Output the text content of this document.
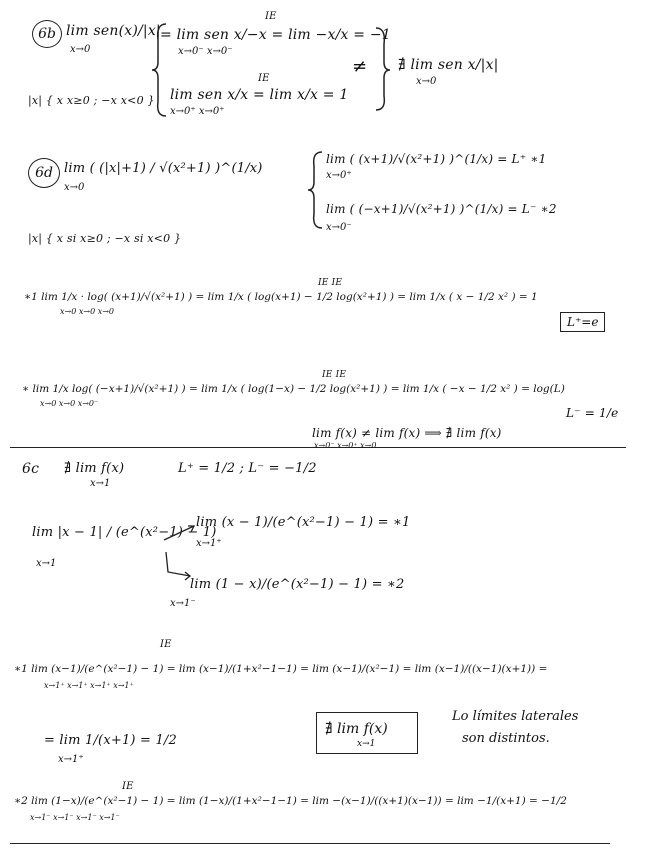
6b lim sen(x)/|x|
x→0
IE
= lim sen x/−x = lim −x/x = −1
x→0⁻ x→0⁻
≠
IE
lim sen x/x = lim x/x = 1
x→0⁺ x→0⁺
∄ lim sen x/|x|
x→0
|x| { x x≥0 ; −x x<0 }
6d lim ( (|x|+1) / √(x²+1) )^(1/x)
x→0
lim ( (x+1)/√(x²+1) )^(1/x) = L⁺ ∗1
x→0⁺
lim ( (−x+1)/√(x²+1) )^(1/x) = L⁻ ∗2
x→0⁻
|x| { x si x≥0 ; −x si x<0 }
IE IE
∗1 lim 1/x · log( (x+1)/√(x²+1) ) = lim 1/x ( log(x+1) − 1/2 log(x²+1) ) = lim 1/x ( x − 1/2 x² ) = 1
x→0 x→0 x→0
L⁺=e
IE IE
∗ lim 1/x log( (−x+1)/√(x²+1) ) = lim 1/x ( log(1−x) − 1/2 log(x²+1) ) = lim 1/x ( −x − 1/2 x² ) = log(L)
x→0 x→0 x→0⁻
L⁻ = 1/e
lim f(x) ≠ lim f(x) ⟹ ∄ lim f(x)
x→0⁻ x→0⁺ x→0
6c ∄ lim f(x)
x→1
L⁺ = 1/2 ; L⁻ = −1/2
lim |x − 1| / (e^(x²−1) − 1)
x→1
lim (x − 1)/(e^(x²−1) − 1) = ∗1
x→1⁺
lim (1 − x)/(e^(x²−1) − 1) = ∗2
x→1⁻
IE
∗1 lim (x−1)/(e^(x²−1) − 1) = lim (x−1)/(1+x²−1−1) = lim (x−1)/(x²−1) = lim (x−1)/((x−1)(x+1)) =
x→1⁺ x→1⁺ x→1⁺ x→1⁺
= lim 1/(x+1) = 1/2
x→1⁺
∄ lim f(x)
x→1
Lo límites laterales
son distintos.
IE
∗2 lim (1−x)/(e^(x²−1) − 1) = lim (1−x)/(1+x²−1−1) = lim −(x−1)/((x+1)(x−1)) = lim −1/(x+1) = −1/2
x→1⁻ x→1⁻ x→1⁻ x→1⁻
